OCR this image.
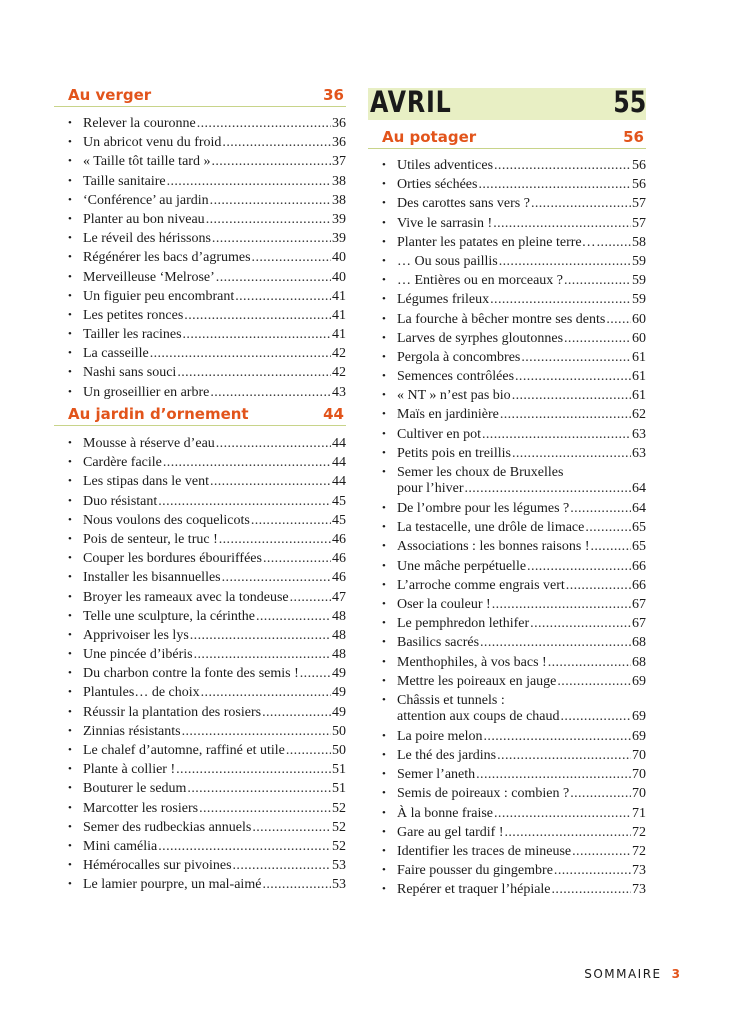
Au verger	36
• Relever la couronne .....	36
• Un abricot venu du froid .....	36
• « Taille tôt taille tard » .....	37
• Taille sanitaire .....	38
• ‘Conférence’ au jardin .....	38
• Planter au bon niveau .....	39
• Le réveil des hérissons .....	39
• Régénérer les bacs d’agrumes .....	40
• Merveilleuse ‘Melrose’ .....	40
• Un figuier peu encombrant .....	41
• Les petites ronces .....	41
• Tailler les racines .....	41
• La casseille .....	42
• Nashi sans souci .....	42
• Un groseillier en arbre .....	43
Au jardin d’ornement	44
• Mousse à réserve d’eau .....	44
• Cardère facile .....	44
• Les stipas dans le vent .....	44
• Duo résistant .....	45
• Nous voulons des coquelicots .....	45
• Pois de senteur, le truc ! .....	46
• Couper les bordures ébouriffées .....	46
• Installer les bisannuelles .....	46
• Broyer les rameaux avec la tondeuse .....	47
• Telle une sculpture, la cérinthe .....	48
• Apprivoiser les lys .....	48
• Une pincée d’ibéris .....	48
• Du charbon contre la fonte des semis ! ..... 49
• Plantules… de choix .....	49
• Réussir la plantation des rosiers .....	49
• Zinnias résistants .....	50
• Le chalef d’automne, raffiné et utile .....	50
• Plante à collier ! .....	51
• Bouturer le sedum .....	51
• Marcotter les rosiers .....	52
• Semer des rudbeckias annuels .....	52
• Mini camélia .....	52
• Hémérocalles sur pivoines .....	53
• Le lamier pourpre, un mal-aimé .....	53
AVRIL	55
Au potager	56
• Utiles adventices .....	56
• Orties séchées .....	56
• Des carottes sans vers ? .....	57
• Vive le sarrasin ! .....	57
• Planter les patates en pleine terre… .....	58
• … Ou sous paillis .....	59
• … Entières ou en morceaux ? .....	59
• Légumes frileux .....	59
• La fourche à bêcher montre ses dents ..... 60
• Larves de syrphes gloutonnes .....	60
• Pergola à concombres .....	61
• Semences contrôlées .....	61
• « NT » n’est pas bio .....	61
• Maïs en jardinière .....	62
• Cultiver en pot .....	63
• Petits pois en treillis .....	63
• Semer les choux de Bruxelles
pour l’hiver .....	64
• De l’ombre pour les légumes ? .....	64
• La testacelle, une drôle de limace .....	65
• Associations : les bonnes raisons ! .....	65
• Une mâche perpétuelle .....	66
• L’arroche comme engrais vert .....	66
• Oser la couleur ! .....	67
• Le pemphredon lethifer .....	67
• Basilics sacrés .....	68
• Menthophiles, à vos bacs ! .....	68
• Mettre les poireaux en jauge .....	69
• Châssis et tunnels :
attention aux coups de chaud .....	69
• La poire melon .....	69
• Le thé des jardins .....	70
• Semer l’aneth .....	70
• Semis de poireaux : combien ? .....	70
• À la bonne fraise .....	71
• Gare au gel tardif ! .....	72
• Identifier les traces de mineuse .....	72
• Faire pousser du gingembre .....	73
• Repérer et traquer l’hépiale .....	73
SOMMAIRE 3
